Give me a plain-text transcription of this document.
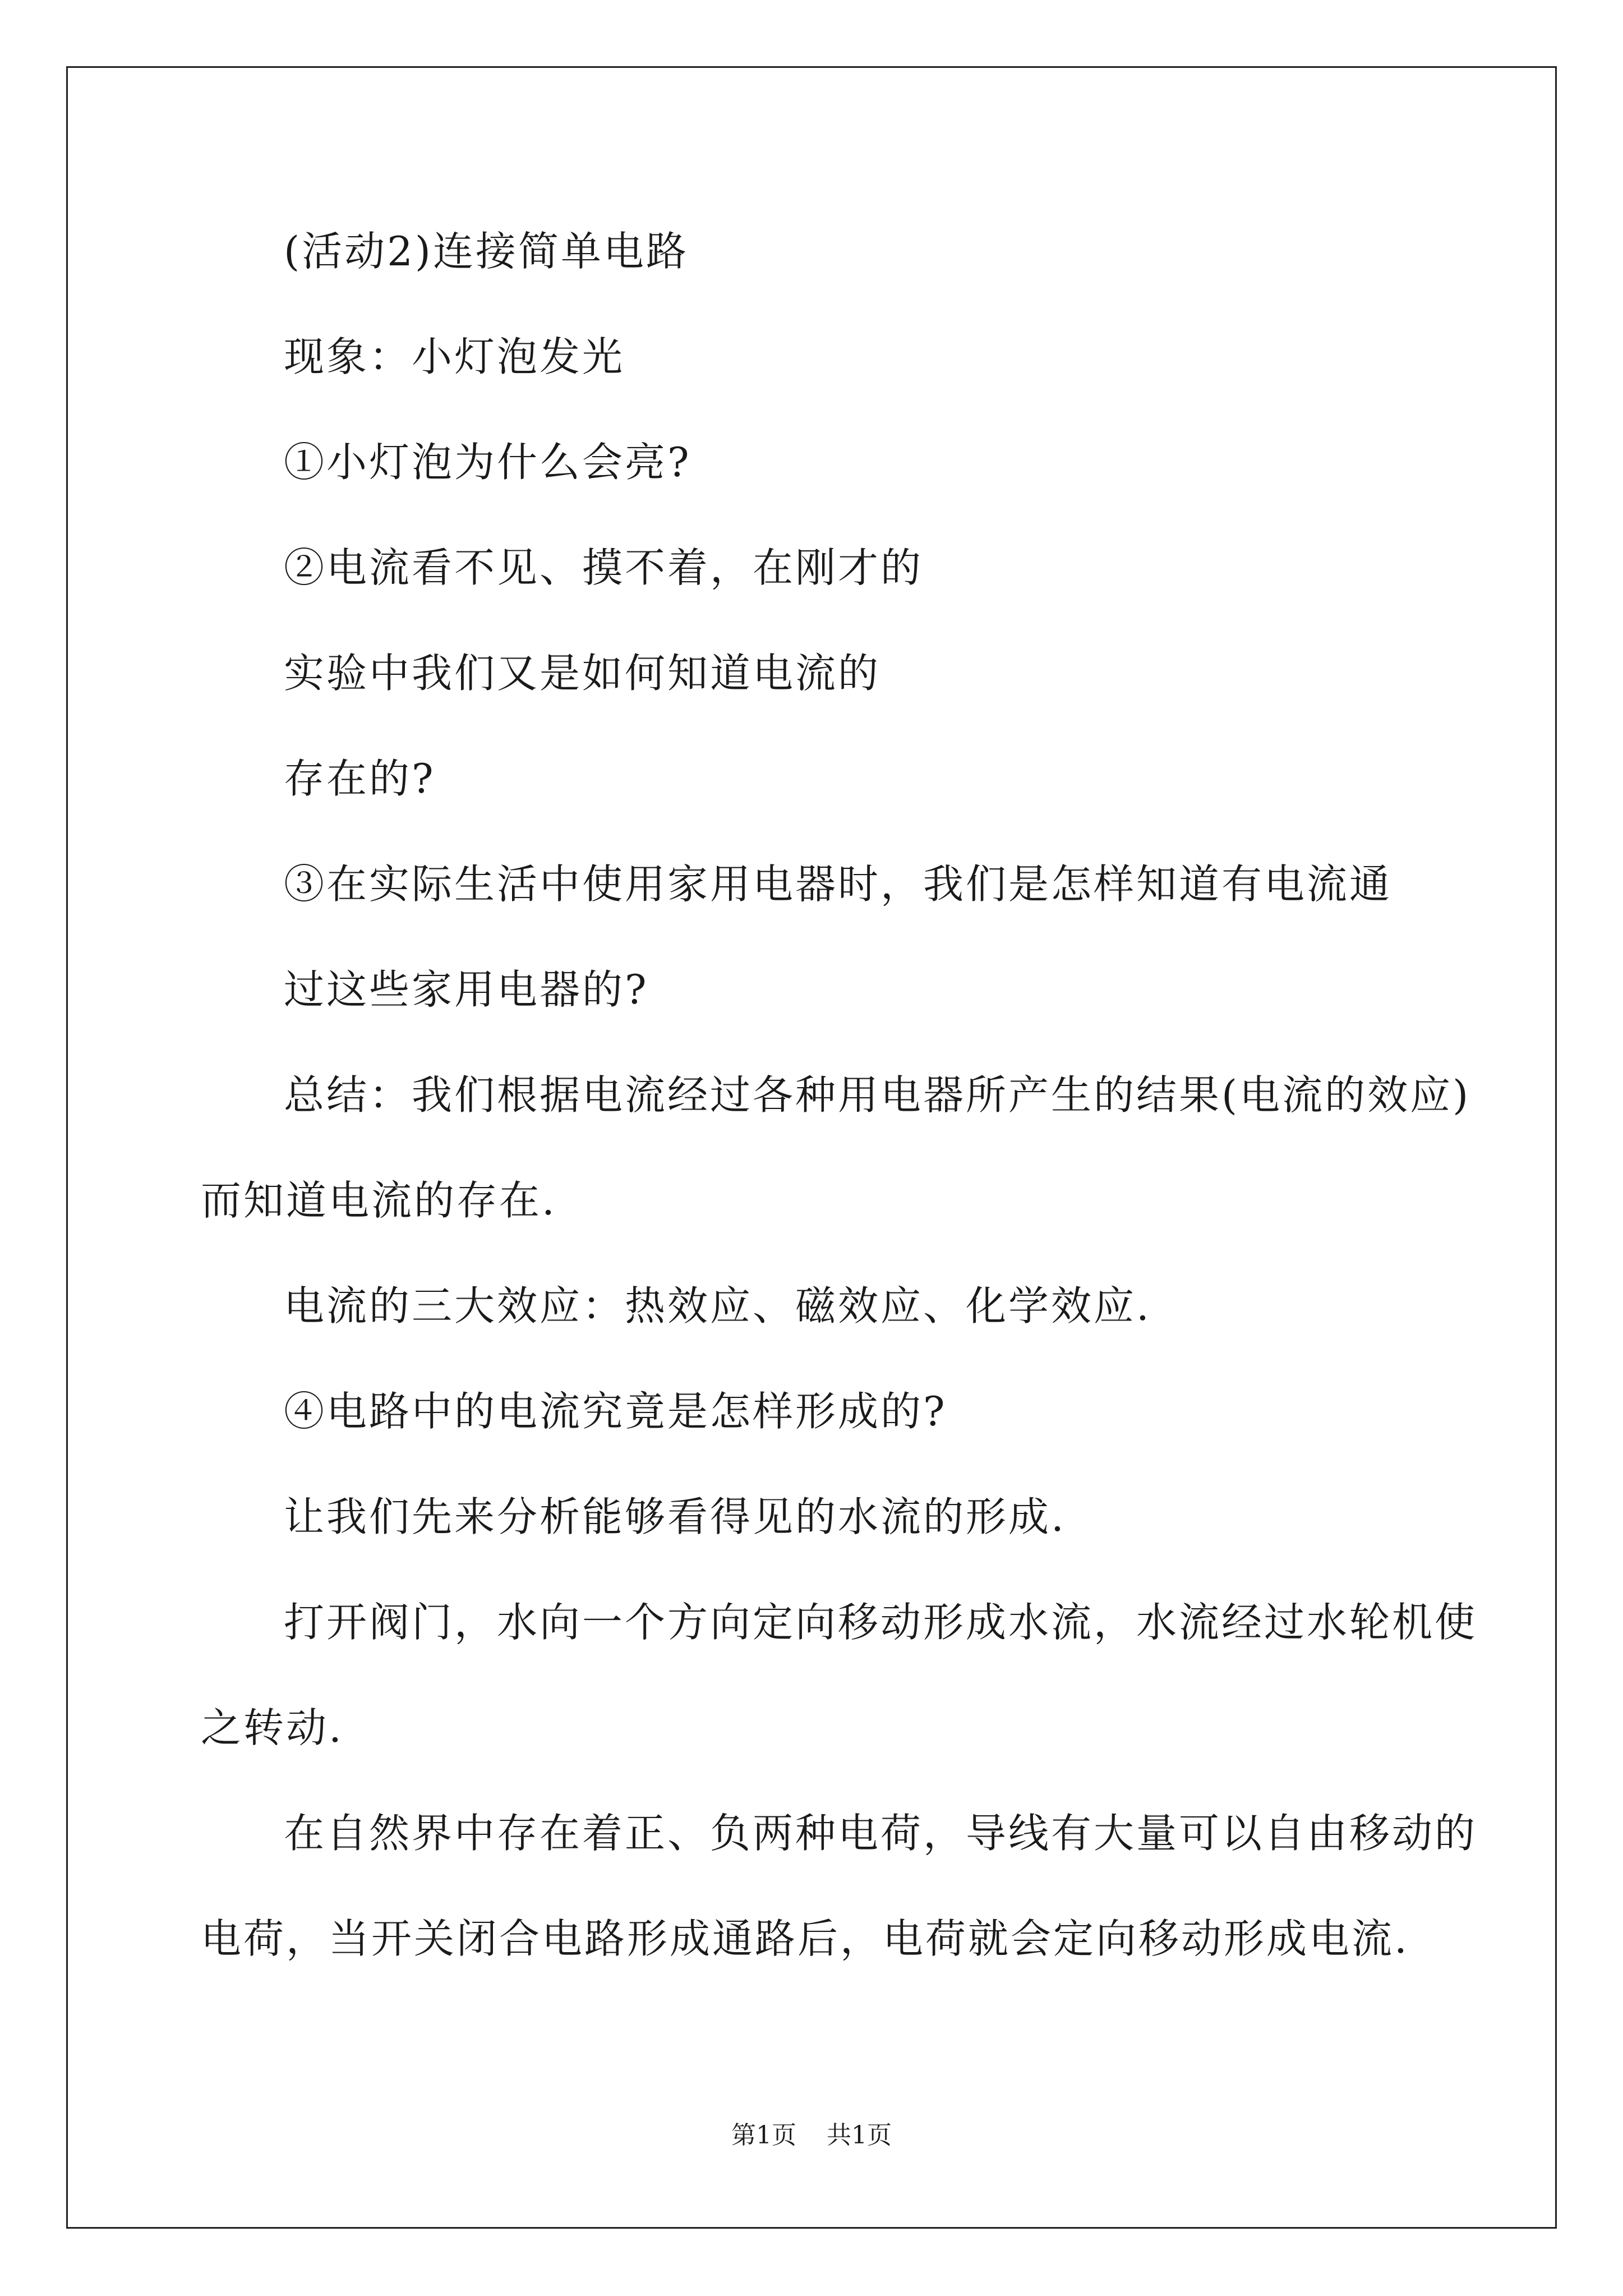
(活动2)连接简单电路
现象：小灯泡发光
①小灯泡为什么会亮?
②电流看不见、摸不着，在刚才的
实验中我们又是如何知道电流的
存在的?
③在实际生活中使用家用电器时，我们是怎样知道有电流通
过这些家用电器的?
总结：我们根据电流经过各种用电器所产生的结果(电流的效应)
而知道电流的存在.
电流的三大效应：热效应、磁效应、化学效应.
④电路中的电流究竟是怎样形成的?
让我们先来分析能够看得见的水流的形成.
打开阀门，水向一个方向定向移动形成水流，水流经过水轮机使
之转动.
在自然界中存在着正、负两种电荷，导线有大量可以自由移动的
电荷，当开关闭合电路形成通路后，电荷就会定向移动形成电流.
第1页 共1页
